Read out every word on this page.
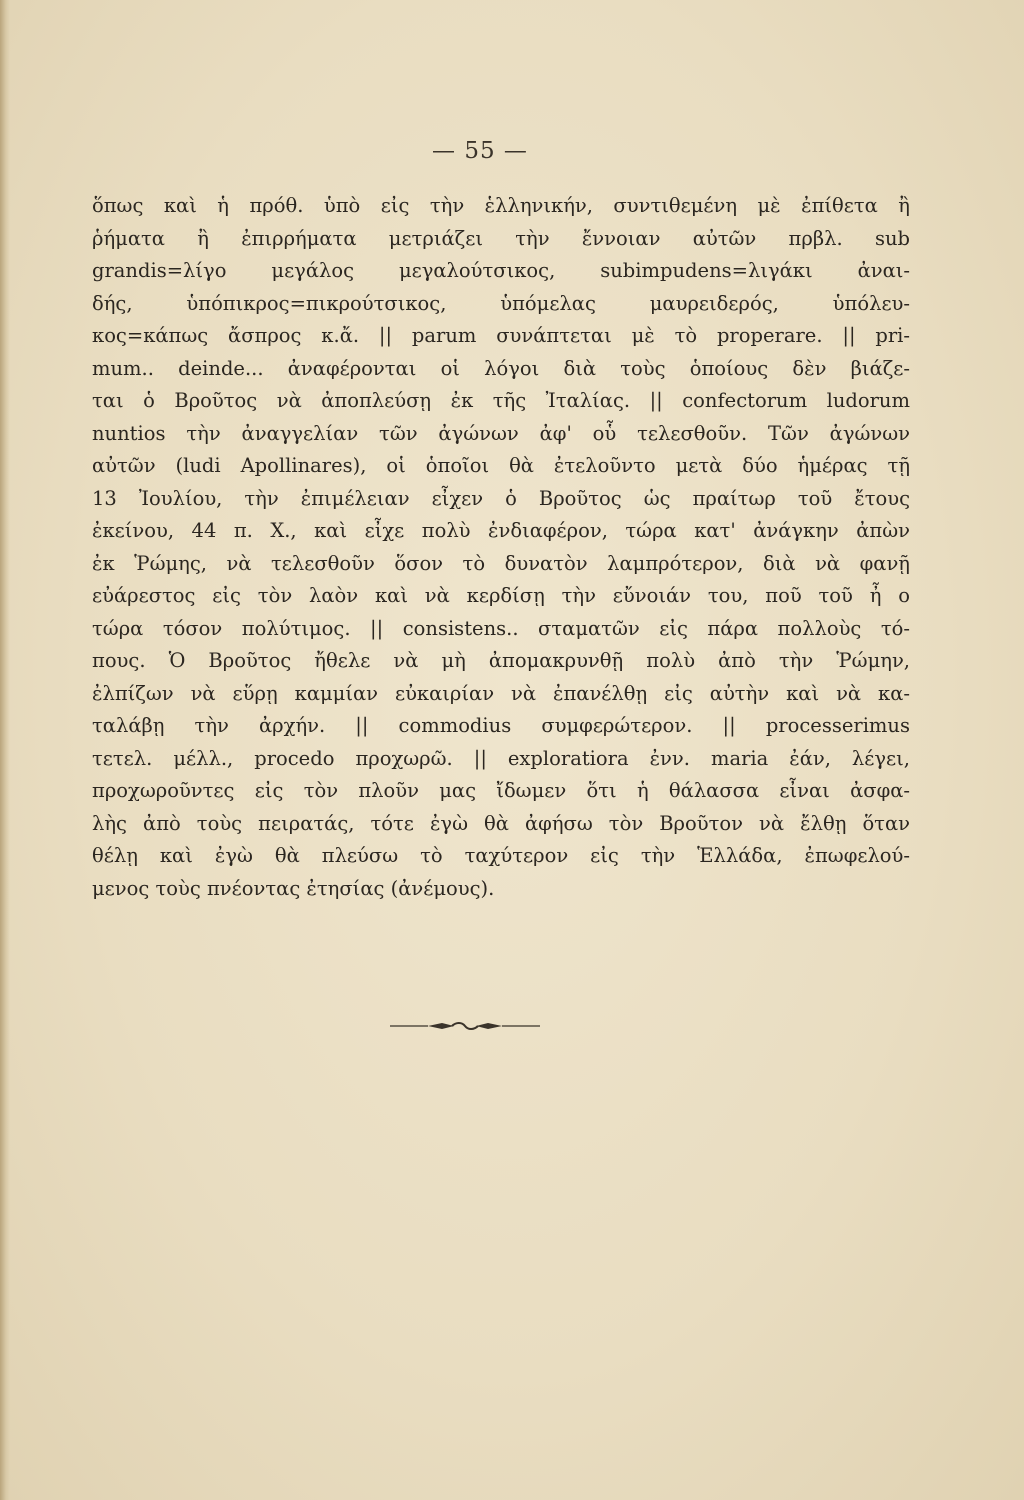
— 55 —
ὅπως καὶ ἡ πρόθ. ὑπὸ εἰς τὴν ἑλληνικήν, συντιθεμένη μὲ ἐπίθετα ἢ
ῥήματα ἢ ἐπιρρήματα μετριάζει τὴν ἔννοιαν αὐτῶν πρβλ. sub
grandis=λίγο μεγάλος μεγαλούτσικος, subimpudens=λιγάκι ἀναι-
δής, ὑπόπικρος=πικρούτσικος, ὑπόμελας μαυρειδερός, ὑπόλευ-
κος=κάπως ἄσπρος κ.ἄ. || parum συνάπτεται μὲ τὸ properare. || pri-
mum.. deinde... ἀναφέρονται οἱ λόγοι διὰ τοὺς ὁποίους δὲν βιάζε-
ται ὁ Βροῦτος νὰ ἀποπλεύσῃ ἐκ τῆς Ἰταλίας. || confectorum ludorum
nuntios τὴν ἀναγγελίαν τῶν ἀγώνων ἀφ' οὗ τελεσθοῦν. Τῶν ἀγώνων
αὐτῶν (ludi Apollinares), οἱ ὁποῖοι θὰ ἐτελοῦντο μετὰ δύο ἡμέρας τῇ
13 Ἰουλίου, τὴν ἐπιμέλειαν εἶχεν ὁ Βροῦτος ὡς πραίτωρ τοῦ ἔτους
ἐκείνου, 44 π. Χ., καὶ εἶχε πολὺ ἐνδιαφέρον, τώρα κατ' ἀνάγκην ἀπὼν
ἐκ Ῥώμης, νὰ τελεσθοῦν ὅσον τὸ δυνατὸν λαμπρότερον, διὰ νὰ φανῇ
εὐάρεστος εἰς τὸν λαὸν καὶ νὰ κερδίσῃ τὴν εὔνοιάν του, ποῦ τοῦ ἦ ο
τώρα τόσον πολύτιμος. || consistens.. σταματῶν εἰς πάρα πολλοὺς τό-
πους. Ὁ Βροῦτος ἤθελε νὰ μὴ ἀπομακρυνθῇ πολὺ ἀπὸ τὴν Ῥώμην,
ἐλπίζων νὰ εὕρῃ καμμίαν εὐκαιρίαν νὰ ἐπανέλθῃ εἰς αὐτὴν καὶ νὰ κα-
ταλάβῃ τὴν ἀρχήν. || commodius συμφερώτερον. || processerimus
τετελ. μέλλ., procedo προχωρῶ. || exploratiora ἐνν. maria ἐάν, λέγει,
προχωροῦντες εἰς τὸν πλοῦν μας ἴδωμεν ὅτι ἡ θάλασσα εἶναι ἀσφα-
λὴς ἀπὸ τοὺς πειρατάς, τότε ἐγὼ θὰ ἀφήσω τὸν Βροῦτον νὰ ἔλθῃ ὅταν
θέλῃ καὶ ἐγὼ θὰ πλεύσω τὸ ταχύτερον εἰς τὴν Ἑλλάδα, ἐπωφελού-
μενος τοὺς πνέοντας ἐτησίας (ἀνέμους).
